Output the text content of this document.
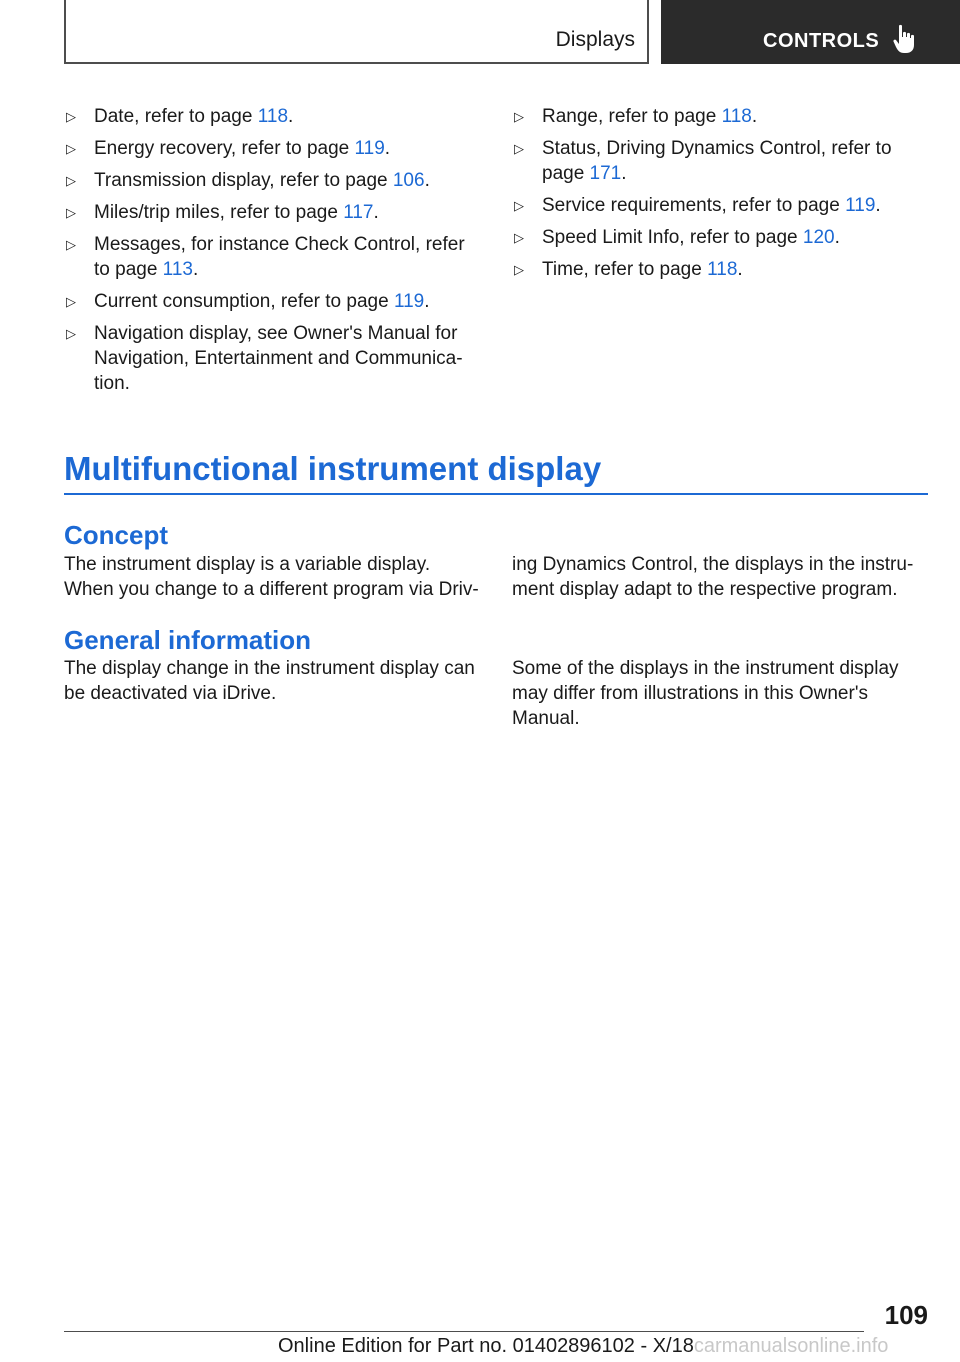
Displays	CONTROLS
▷ Date, refer to page 118.
▷ Energy recovery, refer to page 119.
▷ Transmission display, refer to page 106.
▷ Miles/trip miles, refer to page 117.
▷ Messages, for instance Check Control, refer to page 113.
▷ Current consumption, refer to page 119.
▷ Navigation display, see Owner's Manual for Navigation, Entertainment and Communication.
▷ Range, refer to page 118.
▷ Status, Driving Dynamics Control, refer to page 171.
▷ Service requirements, refer to page 119.
▷ Speed Limit Info, refer to page 120.
▷ Time, refer to page 118.
Multifunctional instrument display
Concept
The instrument display is a variable display. When you change to a different program via Driv‐
ing Dynamics Control, the displays in the instru‐ ment display adapt to the respective program.
General information
The display change in the instrument display can be deactivated via iDrive.
Some of the displays in the instrument display may differ from illustrations in this Owner's Manual.
109
Online Edition for Part no. 01402896102 - X/18carmanualsonline.info
